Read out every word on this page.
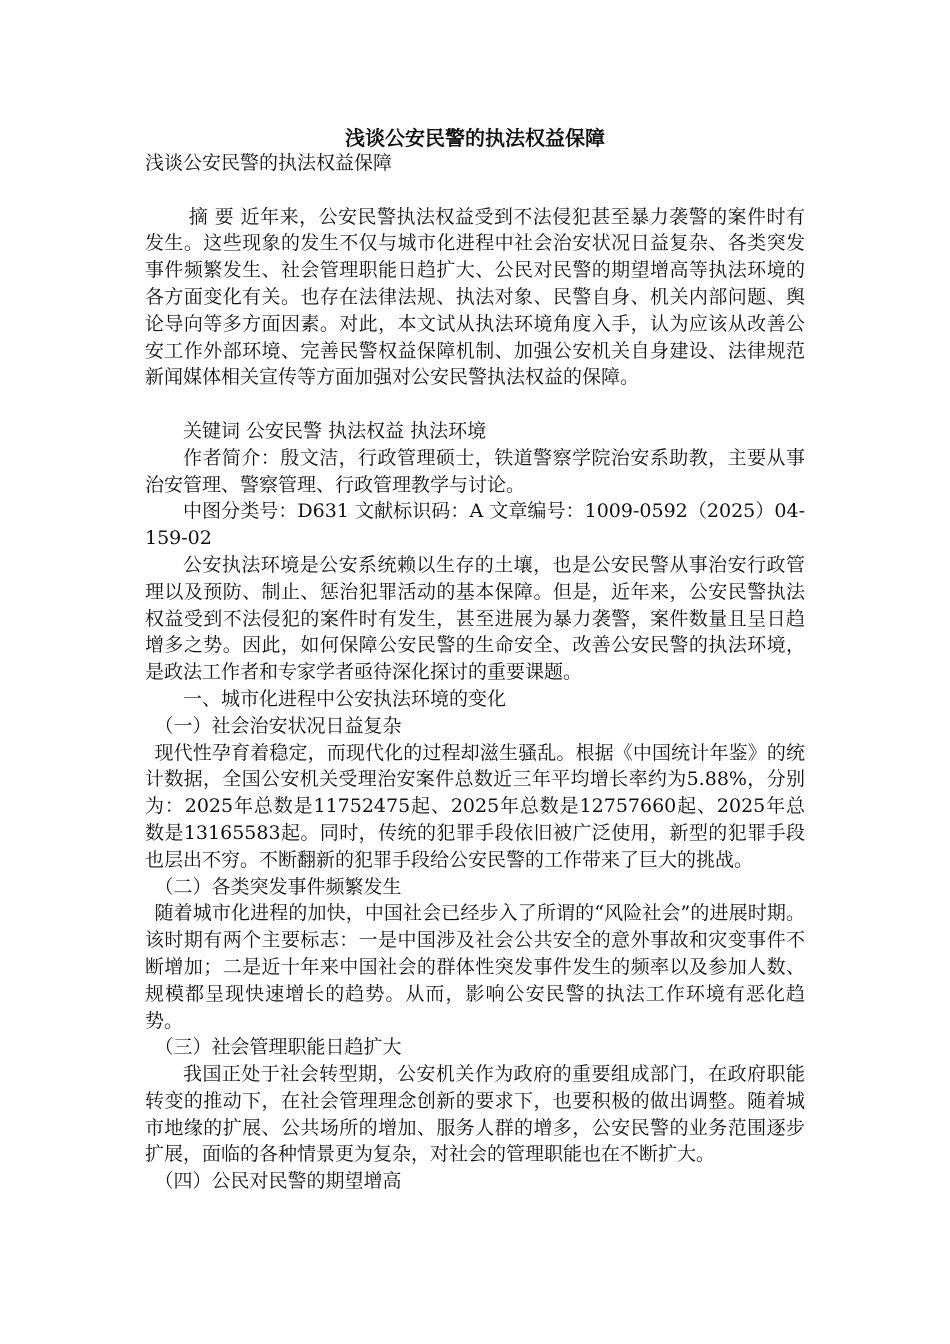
浅谈公安民警的执法权益保障

浅谈公安民警的执法权益保障

摘 要 近年来，公安民警执法权益受到不法侵犯甚至暴力袭警的案件时有发生。这些现象的发生不仅与城市化进程中社会治安状况日益复杂、各类突发事件频繁发生、社会管理职能日趋扩大、公民对民警的期望增高等执法环境的各方面变化有关。也存在法律法规、执法对象、民警自身、机关内部问题、舆论导向等多方面因素。对此，本文试从执法环境角度入手，认为应该从改善公安工作外部环境、完善民警权益保障机制、加强公安机关自身建设、法律规范新闻媒体相关宣传等方面加强对公安民警执法权益的保障。

关键词 公安民警 执法权益 执法环境

作者简介：殷文洁，行政管理硕士，铁道警察学院治安系助教，主要从事治安管理、警察管理、行政管理教学与讨论。

中图分类号：D631 文献标识码：A 文章编号：1009-0592（2025）04-159-02

公安执法环境是公安系统赖以生存的土壤，也是公安民警从事治安行政管理以及预防、制止、惩治犯罪活动的基本保障。但是，近年来，公安民警执法权益受到不法侵犯的案件时有发生，甚至进展为暴力袭警，案件数量且呈日趋增多之势。因此，如何保障公安民警的生命安全、改善公安民警的执法环境，是政法工作者和专家学者亟待深化探讨的重要课题。

一、城市化进程中公安执法环境的变化

（一）社会治安状况日益复杂

现代性孕育着稳定，而现代化的过程却滋生骚乱。根据《中国统计年鉴》的统计数据，全国公安机关受理治安案件总数近三年平均增长率约为5.88%，分别为：2025年总数是11752475起、2025年总数是12757660起、2025年总数是13165583起。同时，传统的犯罪手段依旧被广泛使用，新型的犯罪手段也层出不穷。不断翻新的犯罪手段给公安民警的工作带来了巨大的挑战。

（二）各类突发事件频繁发生

随着城市化进程的加快，中国社会已经步入了所谓的“风险社会”的进展时期。该时期有两个主要标志：一是中国涉及社会公共安全的意外事故和灾变事件不断增加；二是近十年来中国社会的群体性突发事件发生的频率以及参加人数、规模都呈现快速增长的趋势。从而，影响公安民警的执法工作环境有恶化趋势。

（三）社会管理职能日趋扩大

我国正处于社会转型期，公安机关作为政府的重要组成部门，在政府职能转变的推动下，在社会管理理念创新的要求下，也要积极的做出调整。随着城市地缘的扩展、公共场所的增加、服务人群的增多，公安民警的业务范围逐步扩展，面临的各种情景更为复杂，对社会的管理职能也在不断扩大。

（四）公民对民警的期望增高
